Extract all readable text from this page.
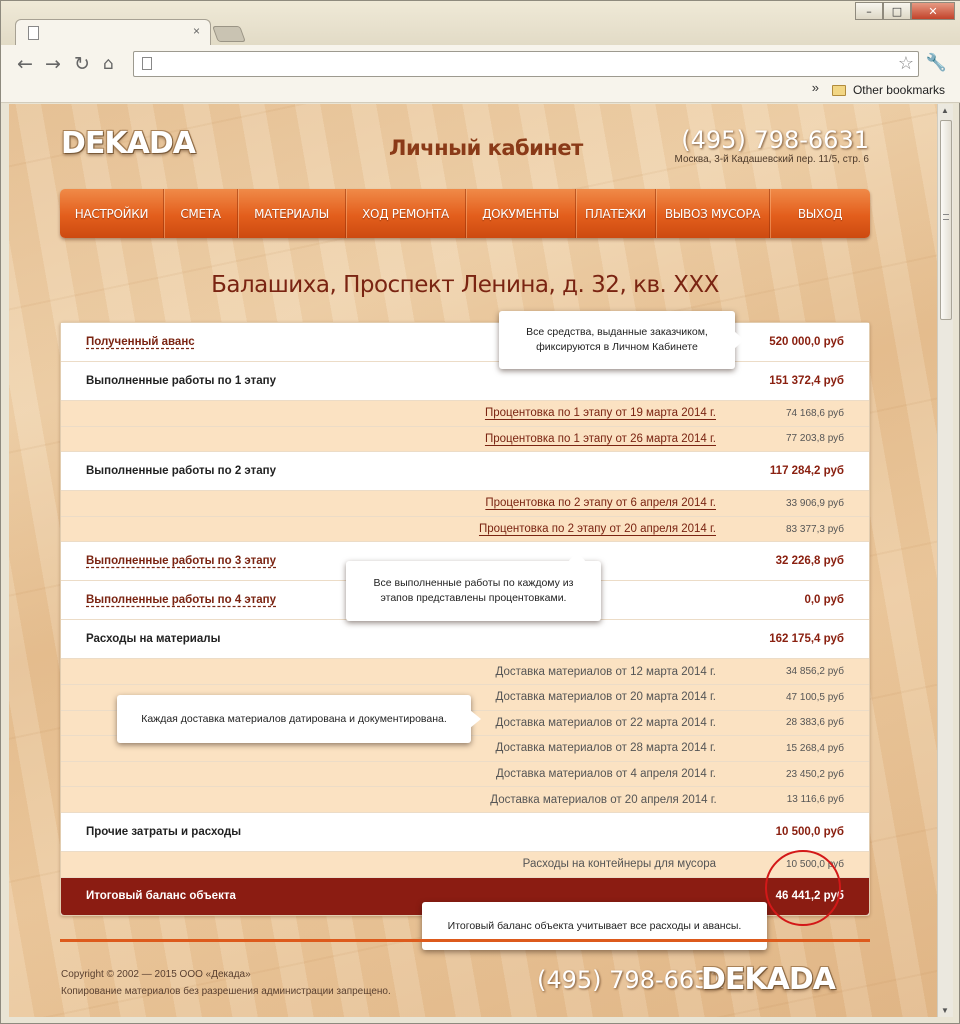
–	□	✕
×
← → ↻ ⌂	☆ 🔧
»	Other bookmarks
DEKADA	Личный кабинет	(495) 798-6631
Москва, 3-й Кадашевский пер. 11/5, стр. 6
НАСТРОЙКИ	СМЕТА	МАТЕРИАЛЫ	ХОД РЕМОНТА	ДОКУМЕНТЫ	ПЛАТЕЖИ	ВЫВОЗ МУСОРА	ВЫХОД
Балашиха, Проспект Ленина, д. 32, кв. XXX
Полученный аванс	520 000,0 руб
Выполненные работы по 1 этапу	151 372,4 руб
Процентовка по 1 этапу от 19 марта 2014 г.	74 168,6 руб
Процентовка по 1 этапу от 26 марта 2014 г.	77 203,8 руб
Выполненные работы по 2 этапу	117 284,2 руб
Процентовка по 2 этапу от 6 апреля 2014 г.	33 906,9 руб
Процентовка по 2 этапу от 20 апреля 2014 г.	83 377,3 руб
Выполненные работы по 3 этапу	32 226,8 руб
Выполненные работы по 4 этапу	0,0 руб
Расходы на материалы	162 175,4 руб
Доставка материалов от 12 марта 2014 г.	34 856,2 руб
Доставка материалов от 20 марта 2014 г.	47 100,5 руб
Доставка материалов от 22 марта 2014 г.	28 383,6 руб
Доставка материалов от 28 марта 2014 г.	15 268,4 руб
Доставка материалов от 4 апреля 2014 г.	23 450,2 руб
Доставка материалов от 20 апреля 2014 г.	13 116,6 руб
Прочие затраты и расходы	10 500,0 руб
Расходы на контейнеры для мусора	10 500,0 руб
Итоговый баланс объекта	46 441,2 руб
Все средства, выданные заказчиком, фиксируются в Личном Кабинете
Все выполненные работы по каждому из этапов представлены процентовками.
Каждая доставка материалов датирована и документирована.
Итоговый баланс объекта учитывает все расходы и авансы.
Copyright © 2002 — 2015 ООО «Декада»
Копирование материалов без разрешения администрации запрещено.	(495) 798-6631
DEKADA
▲
▼
